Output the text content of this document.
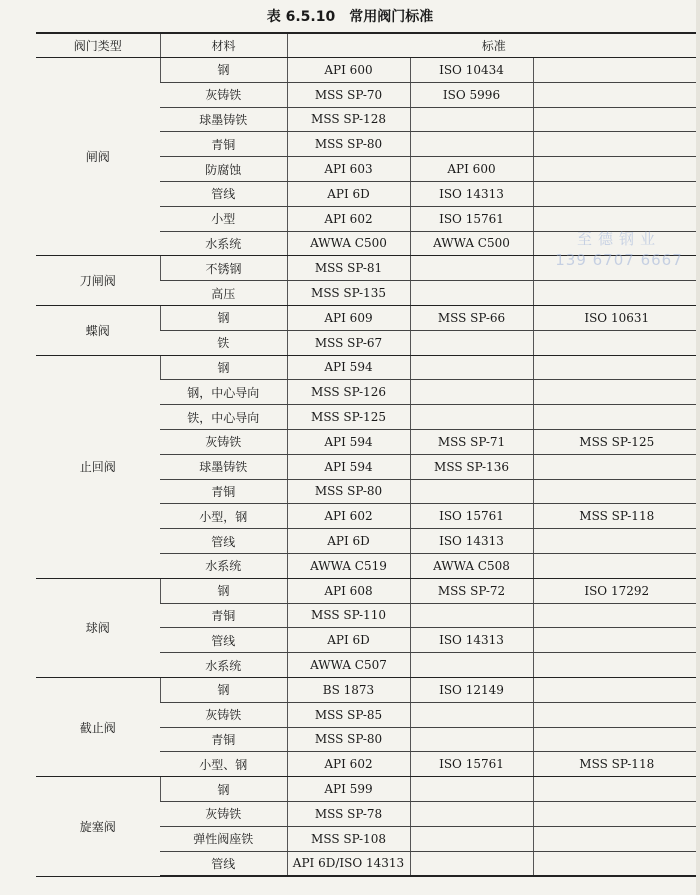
表 6.5.10 常用阀门标准
阀门类型	材料	标准		
闸阀	钢	API 600	ISO 10434	
	灰铸铁	MSS SP-70	ISO 5996	
	球墨铸铁	MSS SP-128		
	青铜	MSS SP-80		
	防腐蚀	API 603	API 600	
	管线	API 6D	ISO 14313	
	小型	API 602	ISO 15761	
	水系统	AWWA C500	AWWA C500	
刀闸阀	不锈钢	MSS SP-81		
	高压	MSS SP-135		
蝶阀	钢	API 609	MSS SP-66	ISO 10631
	铁	MSS SP-67		
止回阀	钢	API 594		
	钢，中心导向	MSS SP-126		
	铁，中心导向	MSS SP-125		
	灰铸铁	API 594	MSS SP-71	MSS SP-125
	球墨铸铁	API 594	MSS SP-136	
	青铜	MSS SP-80		
	小型，钢	API 602	ISO 15761	MSS SP-118
	管线	API 6D	ISO 14313	
	水系统	AWWA C519	AWWA C508	
球阀	钢	API 608	MSS SP-72	ISO 17292
	青铜	MSS SP-110		
	管线	API 6D	ISO 14313	
	水系统	AWWA C507		
截止阀	钢	BS 1873	ISO 12149	
	灰铸铁	MSS SP-85		
	青铜	MSS SP-80		
	小型、钢	API 602	ISO 15761	MSS SP-118
旋塞阀	钢	API 599		
	灰铸铁	MSS SP-78		
	弹性阀座铁	MSS SP-108		
	管线	API 6D/ISO 14313		
至德钢业
139 6707 6667
